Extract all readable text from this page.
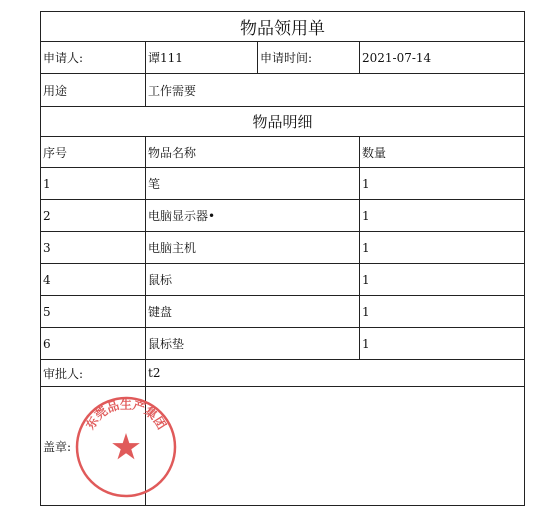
物品领用单
申请人:	谭111	申请时间:	2021-07-14
用途	工作需要
物品明细
序号	物品名称	数量
1	笔	1
2	电脑显示器•	1
3	电脑主机	1
4	鼠标	1
5	键盘	1
6	鼠标垫	1
审批人:	t2
盖章:
东莞品生产集团
